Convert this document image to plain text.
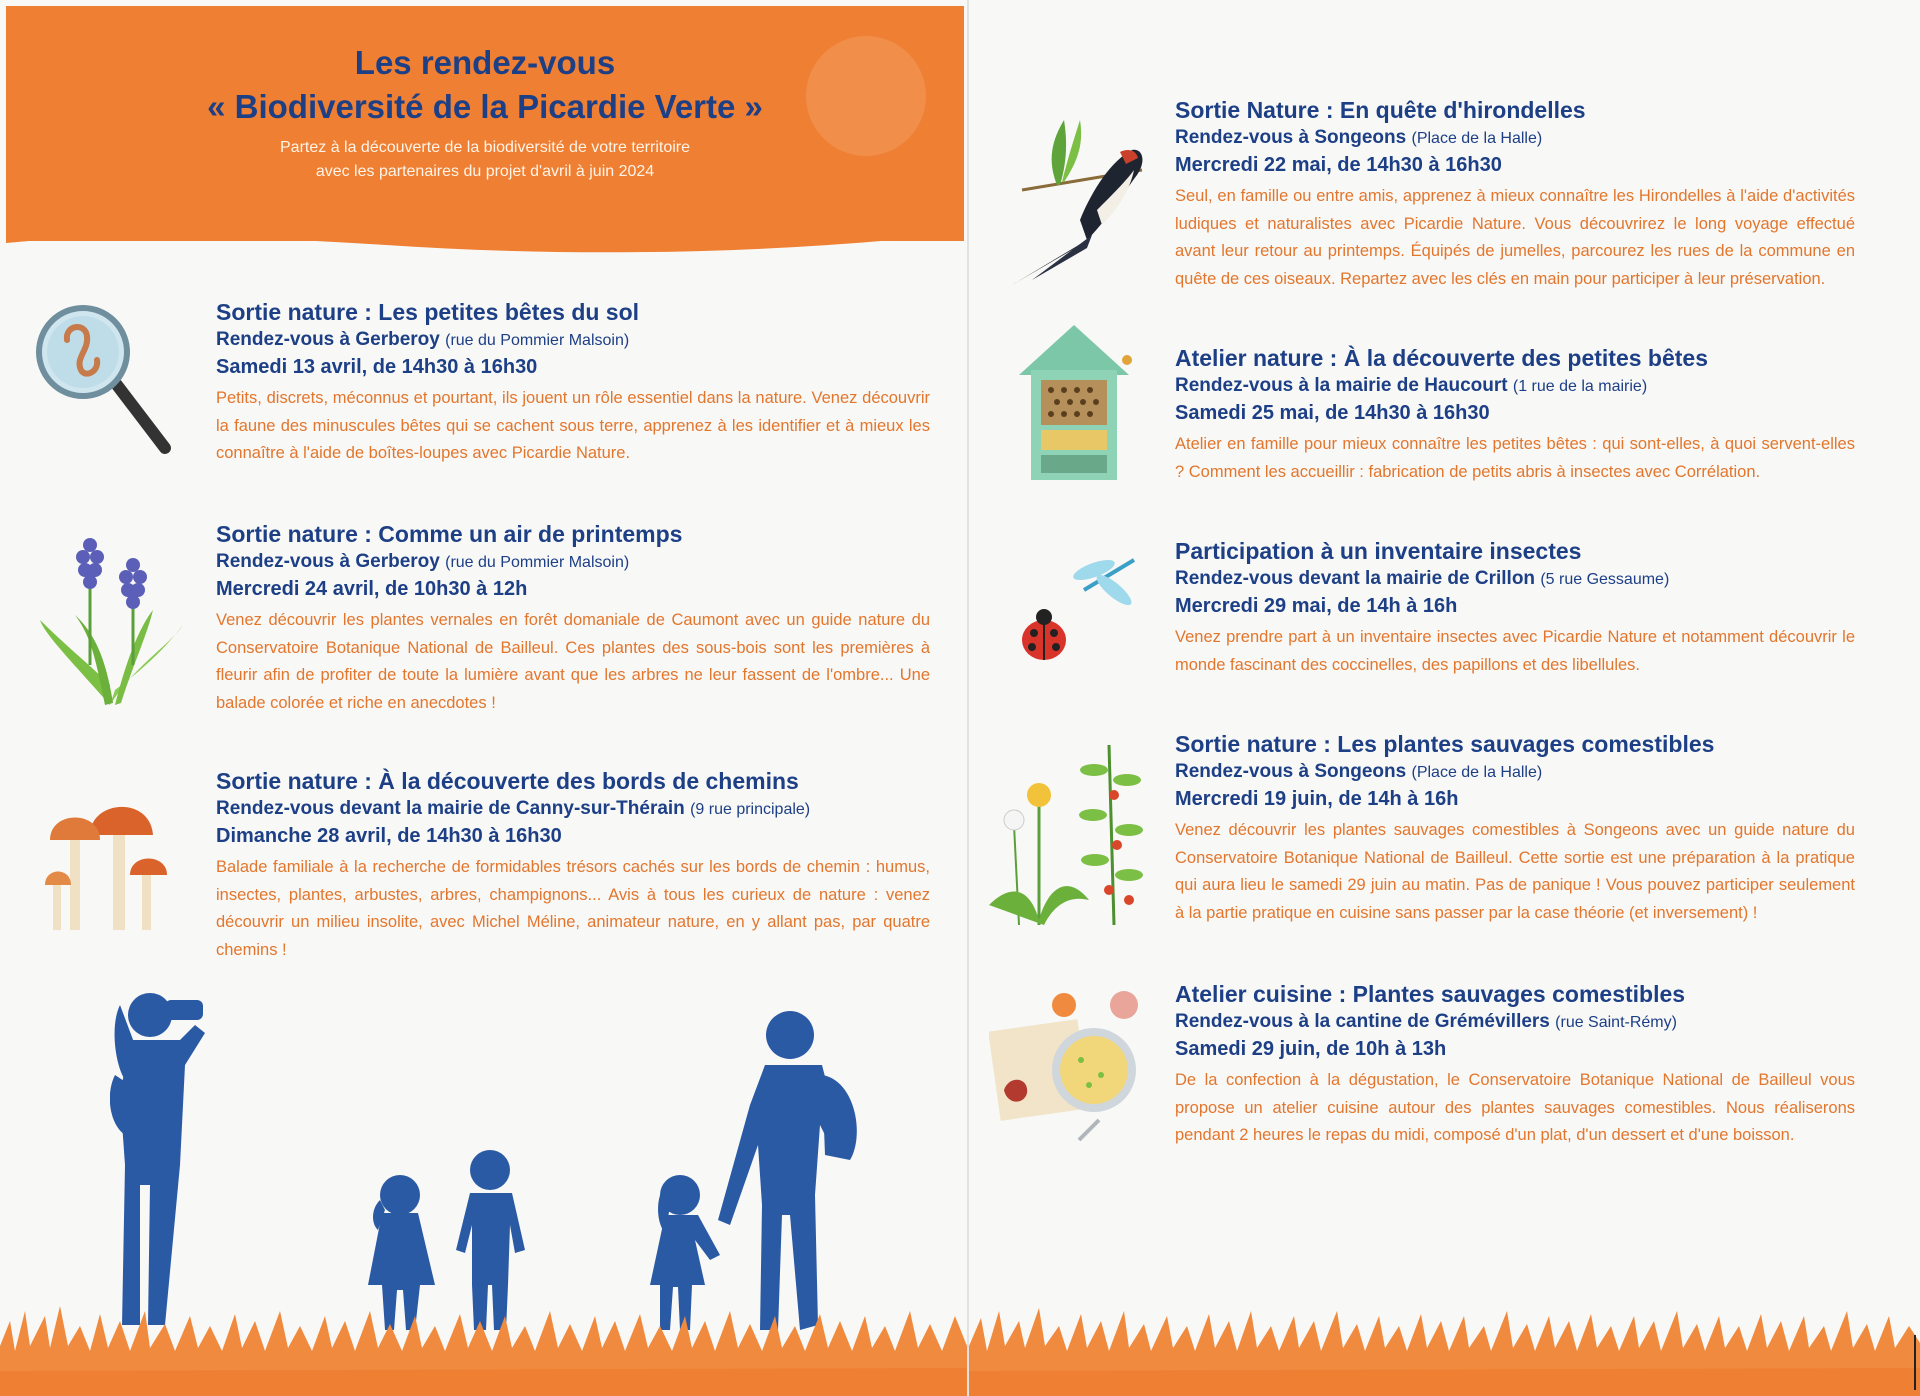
Les rendez-vous
« Biodiversité de la Picardie Verte »
Partez à la découverte de la biodiversité de votre territoire
avec les partenaires du projet d'avril à juin 2024
Sortie nature : Les petites bêtes du sol
Rendez-vous à Gerberoy (rue du Pommier Malsoin)
Samedi 13 avril, de 14h30 à 16h30
Petits, discrets, méconnus et pourtant, ils jouent un rôle essentiel dans la nature. Venez découvrir la faune des minuscules bêtes qui se cachent sous terre, apprenez à les identifier et à mieux les connaître à l'aide de boîtes-loupes avec Picardie Nature.
Sortie nature : Comme un air de printemps
Rendez-vous à Gerberoy (rue du Pommier Malsoin)
Mercredi 24 avril, de 10h30 à 12h
Venez découvrir les plantes vernales en forêt domaniale de Caumont avec un guide nature du Conservatoire Botanique National de Bailleul. Ces plantes des sous-bois sont les premières à fleurir afin de profiter de toute la lumière avant que les arbres ne leur fassent de l'ombre... Une balade colorée et riche en anecdotes !
Sortie nature : À la découverte des bords de chemins
Rendez-vous devant la mairie de Canny-sur-Thérain (9 rue principale)
Dimanche 28 avril, de 14h30 à 16h30
Balade familiale à la recherche de formidables trésors cachés sur les bords de chemin : humus, insectes, plantes, arbustes, arbres, champignons... Avis à tous les curieux de nature : venez découvrir un milieu insolite, avec Michel Méline, animateur nature, en y allant pas, par quatre chemins !
Sortie Nature : En quête d'hirondelles
Rendez-vous à Songeons (Place de la Halle)
Mercredi 22 mai, de 14h30 à 16h30
Seul, en famille ou entre amis, apprenez à mieux connaître les Hirondelles à l'aide d'activités ludiques et naturalistes avec Picardie Nature. Vous découvrirez le long voyage effectué avant leur retour au printemps. Équipés de jumelles, parcourez les rues de la commune en quête de ces oiseaux. Repartez avec les clés en main pour participer à leur préservation.
Atelier nature : À la découverte des petites bêtes
Rendez-vous à la mairie de Haucourt (1 rue de la mairie)
Samedi 25 mai, de 14h30 à 16h30
Atelier en famille pour mieux connaître les petites bêtes : qui sont-elles, à quoi servent-elles ? Comment les accueillir : fabrication de petits abris à insectes avec Corrélation.
Participation à un inventaire insectes
Rendez-vous devant la mairie de Crillon (5 rue Gessaume)
Mercredi 29 mai, de 14h à 16h
Venez prendre part à un inventaire insectes avec Picardie Nature et notamment découvrir le monde fascinant des coccinelles, des papillons et des libellules.
Sortie nature : Les plantes sauvages comestibles
Rendez-vous à Songeons (Place de la Halle)
Mercredi 19 juin, de 14h à 16h
Venez découvrir les plantes sauvages comestibles à Songeons avec un guide nature du Conservatoire Botanique National de Bailleul. Cette sortie est une préparation à la pratique qui aura lieu le samedi 29 juin au matin. Pas de panique ! Vous pouvez participer seulement à la partie pratique en cuisine sans passer par la case théorie (et inversement) !
Atelier cuisine : Plantes sauvages comestibles
Rendez-vous à la cantine de Grémévillers (rue Saint-Rémy)
Samedi 29 juin, de 10h à 13h
De la confection à la dégustation, le Conservatoire Botanique National de Bailleul vous propose un atelier cuisine autour des plantes sauvages comestibles. Nous réaliserons pendant 2 heures le repas du midi, composé d'un plat, d'un dessert et d'une boisson.
